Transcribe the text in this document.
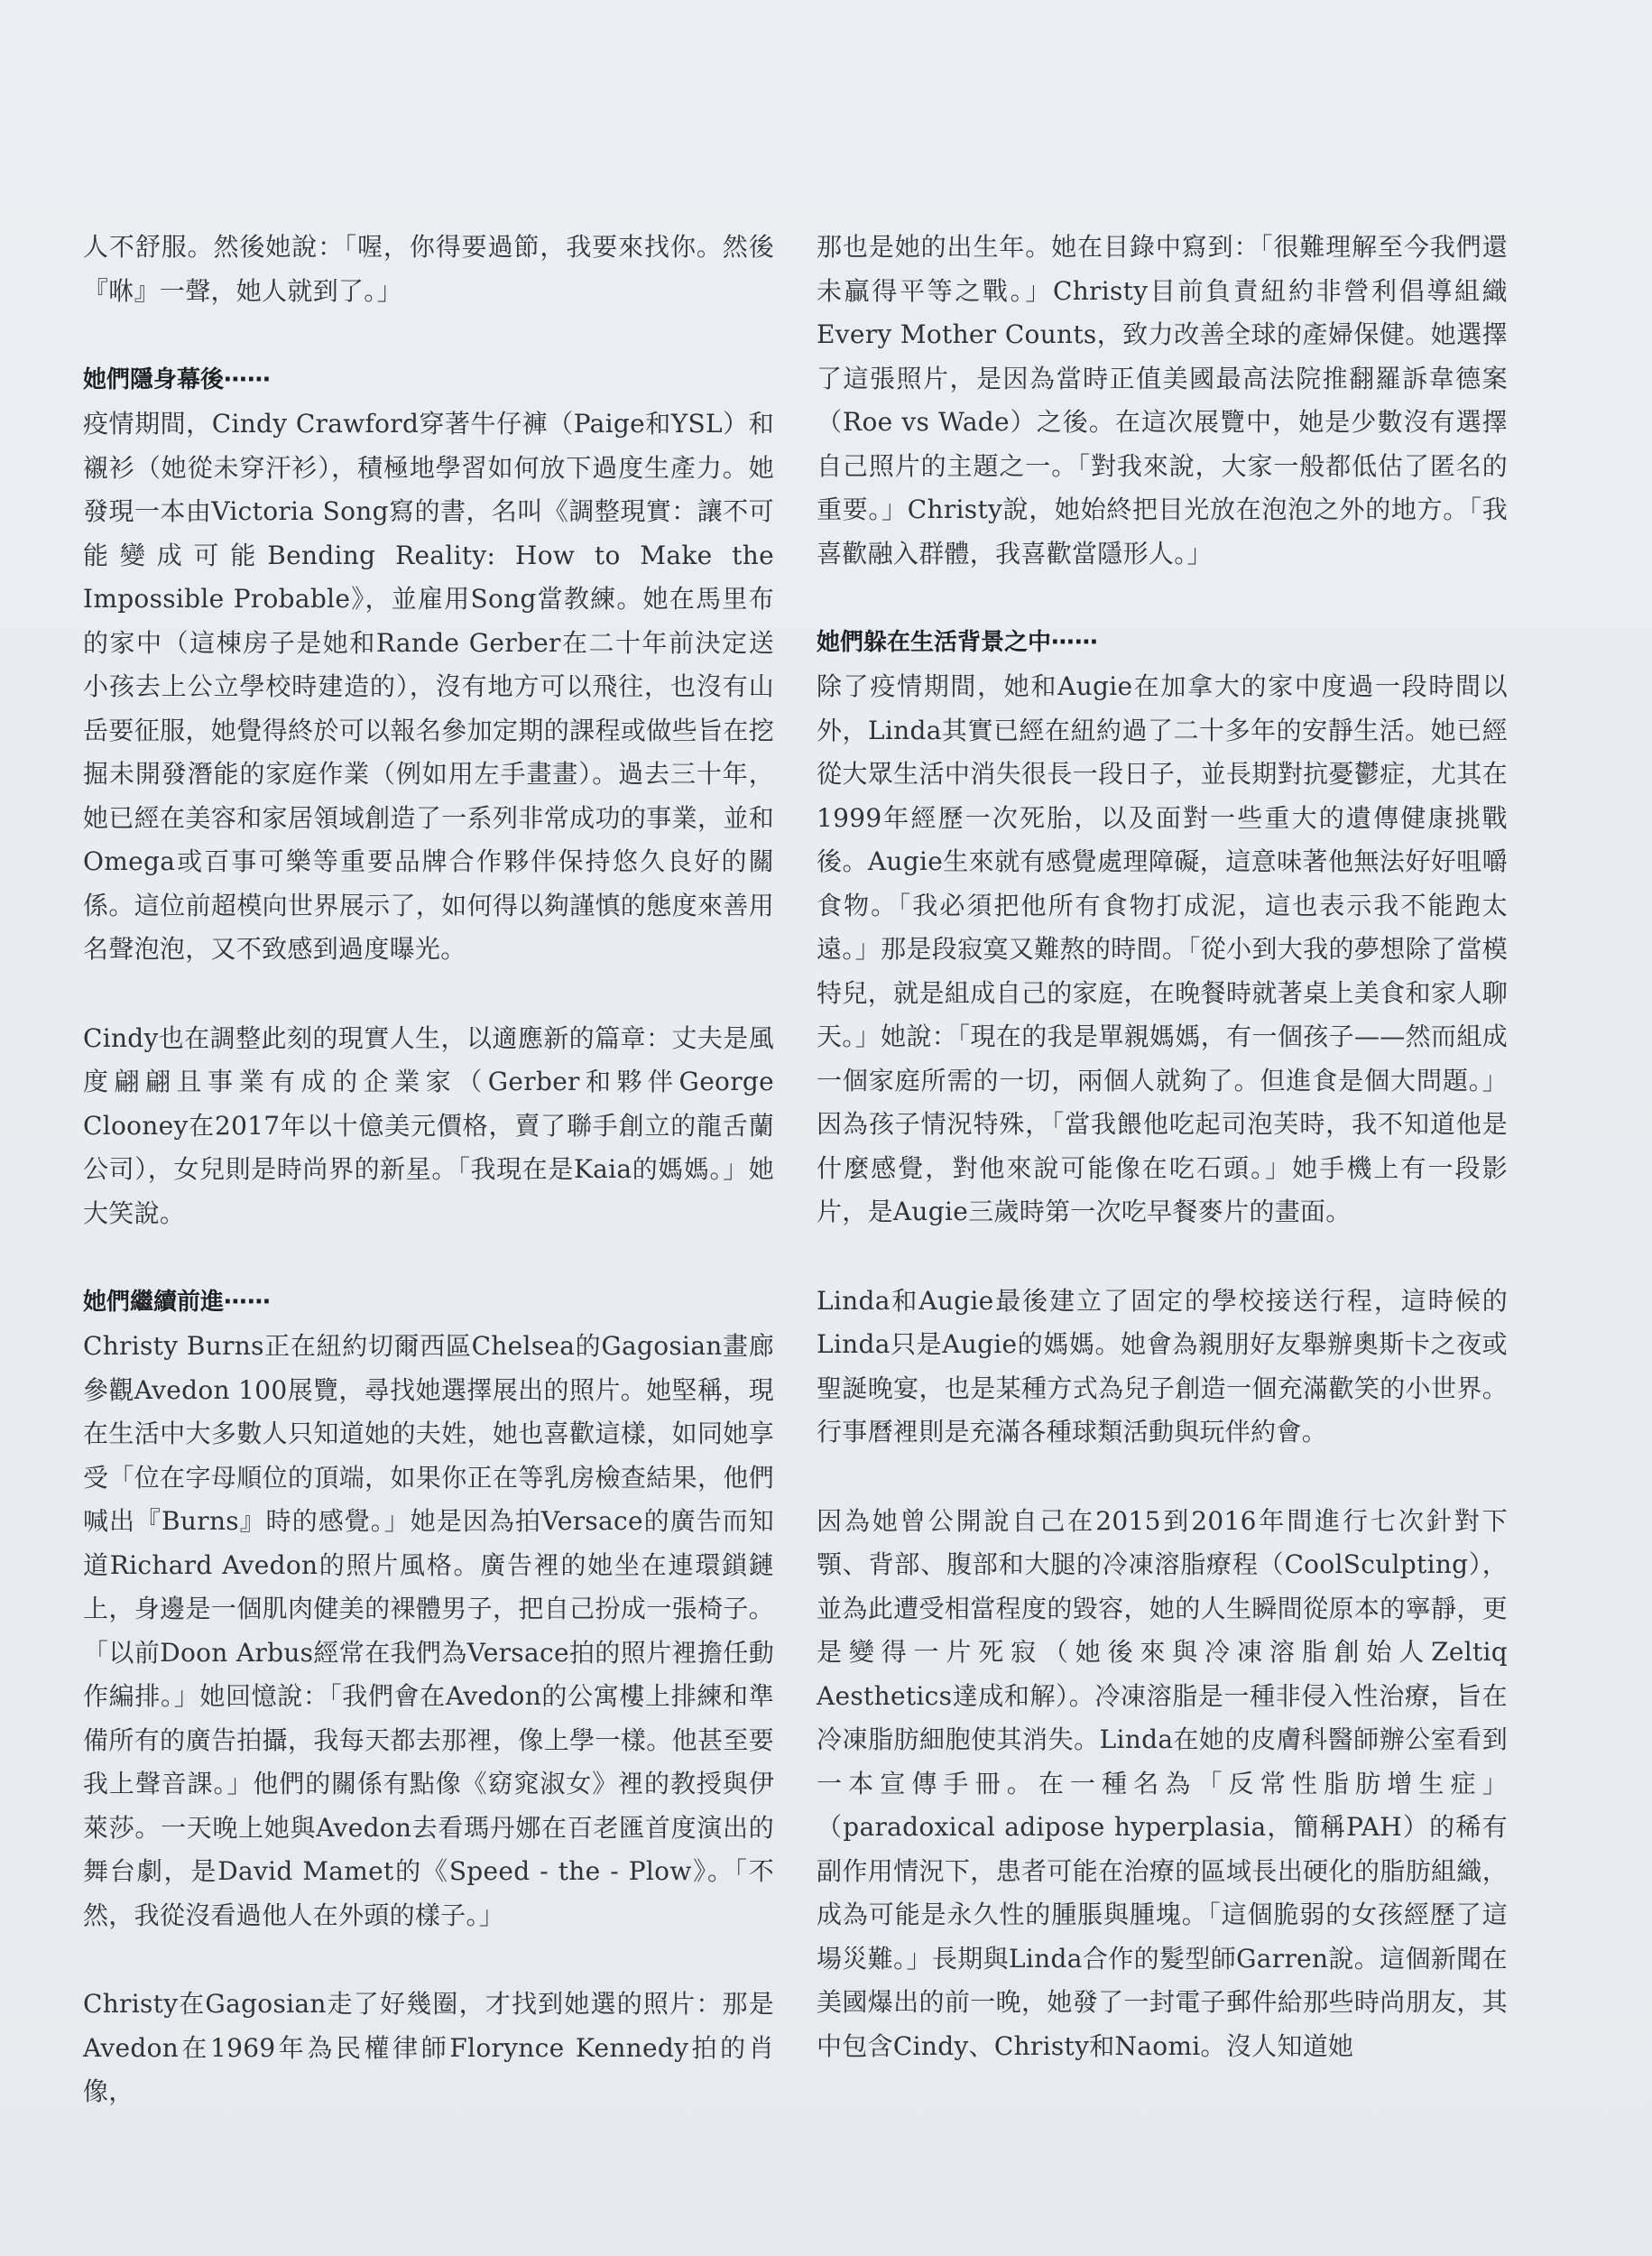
人不舒服。然後她說：「喔，你得要過節，我要來找你。然後『咻』一聲，她人就到了。」

她們隱身幕後⋯⋯

疫情期間，Cindy Crawford穿著牛仔褲（Paige和YSL）和襯衫（她從未穿汗衫），積極地學習如何放下過度生產力。她發現一本由Victoria Song寫的書，名叫《調整現實：讓不可能變成可能Bending Reality: How to Make the Impossible Probable》，並雇用Song當教練。她在馬里布的家中（這棟房子是她和Rande Gerber在二十年前決定送小孩去上公立學校時建造的），沒有地方可以飛往，也沒有山岳要征服，她覺得終於可以報名參加定期的課程或做些旨在挖掘未開發潛能的家庭作業（例如用左手畫畫）。過去三十年，她已經在美容和家居領域創造了一系列非常成功的事業，並和Omega或百事可樂等重要品牌合作夥伴保持悠久良好的關係。這位前超模向世界展示了，如何得以夠謹慎的態度來善用名聲泡泡，又不致感到過度曝光。

Cindy也在調整此刻的現實人生，以適應新的篇章：丈夫是風度翩翩且事業有成的企業家（Gerber和夥伴George Clooney在2017年以十億美元價格，賣了聯手創立的龍舌蘭公司），女兒則是時尚界的新星。「我現在是Kaia的媽媽。」她大笑說。

她們繼續前進⋯⋯

Christy Burns正在紐約切爾西區Chelsea的Gagosian畫廊參觀Avedon 100展覽，尋找她選擇展出的照片。她堅稱，現在生活中大多數人只知道她的夫姓，她也喜歡這樣，如同她享受「位在字母順位的頂端，如果你正在等乳房檢查結果，他們喊出『Burns』時的感覺。」她是因為拍Versace的廣告而知道Richard Avedon的照片風格。廣告裡的她坐在連環鎖鏈上，身邊是一個肌肉健美的裸體男子，把自己扮成一張椅子。「以前Doon Arbus經常在我們為Versace拍的照片裡擔任動作編排。」她回憶說：「我們會在Avedon的公寓樓上排練和準備所有的廣告拍攝，我每天都去那裡，像上學一樣。他甚至要我上聲音課。」他們的關係有點像《窈窕淑女》裡的教授與伊萊莎。一天晚上她與Avedon去看瑪丹娜在百老匯首度演出的舞台劇，是David Mamet的《Speed - the - Plow》。「不然，我從沒看過他人在外頭的樣子。」

Christy在Gagosian走了好幾圈，才找到她選的照片：那是Avedon在1969年為民權律師Florynce Kennedy拍的肖像，

那也是她的出生年。她在目錄中寫到：「很難理解至今我們還未贏得平等之戰。」Christy目前負責紐約非營利倡導組織Every Mother Counts，致力改善全球的產婦保健。她選擇了這張照片，是因為當時正值美國最高法院推翻羅訴韋德案（Roe vs Wade）之後。在這次展覽中，她是少數沒有選擇自己照片的主題之一。「對我來說，大家一般都低估了匿名的重要。」Christy說，她始終把目光放在泡泡之外的地方。「我喜歡融入群體，我喜歡當隱形人。」

她們躲在生活背景之中⋯⋯

除了疫情期間，她和Augie在加拿大的家中度過一段時間以外，Linda其實已經在紐約過了二十多年的安靜生活。她已經從大眾生活中消失很長一段日子，並長期對抗憂鬱症，尤其在1999年經歷一次死胎，以及面對一些重大的遺傳健康挑戰後。Augie生來就有感覺處理障礙，這意味著他無法好好咀嚼食物。「我必須把他所有食物打成泥，這也表示我不能跑太遠。」那是段寂寞又難熬的時間。「從小到大我的夢想除了當模特兒，就是組成自己的家庭，在晚餐時就著桌上美食和家人聊天。」她說：「現在的我是單親媽媽，有一個孩子——然而組成一個家庭所需的一切，兩個人就夠了。但進食是個大問題。」因為孩子情況特殊，「當我餵他吃起司泡芙時，我不知道他是什麼感覺，對他來說可能像在吃石頭。」她手機上有一段影片，是Augie三歲時第一次吃早餐麥片的畫面。

Linda和Augie最後建立了固定的學校接送行程，這時候的Linda只是Augie的媽媽。她會為親朋好友舉辦奧斯卡之夜或聖誕晚宴，也是某種方式為兒子創造一個充滿歡笑的小世界。行事曆裡則是充滿各種球類活動與玩伴約會。

因為她曾公開說自己在2015到2016年間進行七次針對下顎、背部、腹部和大腿的冷凍溶脂療程（CoolSculpting），並為此遭受相當程度的毀容，她的人生瞬間從原本的寧靜，更是變得一片死寂（她後來與冷凍溶脂創始人Zeltiq Aesthetics達成和解）。冷凍溶脂是一種非侵入性治療，旨在冷凍脂肪細胞使其消失。Linda在她的皮膚科醫師辦公室看到一本宣傳手冊。在一種名為「反常性脂肪增生症」（paradoxical adipose hyperplasia，簡稱PAH）的稀有副作用情況下，患者可能在治療的區域長出硬化的脂肪組織，成為可能是永久性的腫脹與腫塊。「這個脆弱的女孩經歷了這場災難。」長期與Linda合作的髮型師Garren說。這個新聞在美國爆出的前一晚，她發了一封電子郵件給那些時尚朋友，其中包含Cindy、Christy和Naomi。沒人知道她
